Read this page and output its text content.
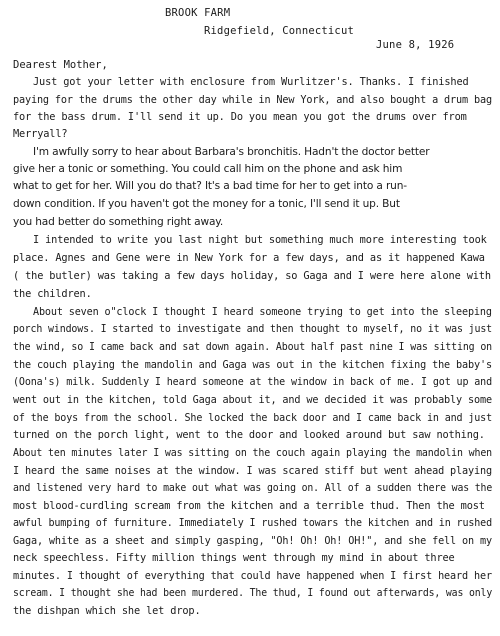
BROOK FARM
Ridgefield, Connecticut
June 8, 1926
Dearest Mother,
Just got your letter with enclosure from Wurlitzer's. Thanks. I finished
paying for the drums the other day while in New York, and also bought a drum bag
for the bass drum. I'll send it up. Do you mean you got the drums over from
Merryall?
I'm awfully sorry to hear about Barbara's bronchitis. Hadn't the doctor better
give her a tonic or something. You could call him on the phone and ask him
what to get for her. Will you do that? It's a bad time for her to get into a run-
down condition. If you haven't got the money for a tonic, I'll send it up. But
you had better do something right away.
I intended to write you last night but something much more interesting took
place. Agnes and Gene were in New York for a few days, and as it happened Kawa
( the butler) was taking a few days holiday, so Gaga and I were here alone with
the children.
About seven o"clock I thought I heard someone trying to get into the sleeping
porch windows. I started to investigate and then thought to myself, no it was just
the wind, so I came back and sat down again. About half past nine I was sitting on
the couch playing the mandolin and Gaga was out in the kitchen fixing the baby's
(Oona's) milk. Suddenly I heard someone at the window in back of me. I got up and
went out in the kitchen, told Gaga about it, and we decided it was probably some
of the boys from the school. She locked the back door and I came back in and just
turned on the porch light, went to the door and looked around but saw nothing.
About ten minutes later I was sitting on the couch again playing the mandolin when
I heard the same noises at the window. I was scared stiff but went ahead playing
and listened very hard to make out what was going on. All of a sudden there was the
most blood-curdling scream from the kitchen and a terrible thud. Then the most
awful bumping of furniture. Immediately I rushed towars the kitchen and in rushed
Gaga, white as a sheet and simply gasping, "Oh! Oh! Oh! OH!", and she fell on my
neck speechless. Fifty million things went through my mind in about three
minutes. I thought of everything that could have happened when I first heard her
scream. I thought she had been murdered. The thud, I found out afterwards, was only
the dishpan which she let drop.
